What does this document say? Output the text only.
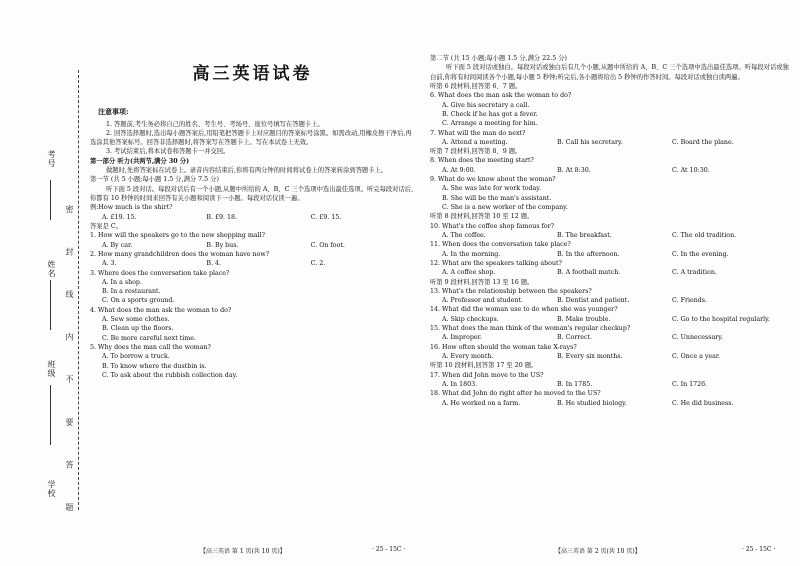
考号
姓名
班级
学校 密 封 线 内 不 要 答 题
高三英语试卷
注意事项:

1. 答题前,考生务必将自己的姓名、考生号、考场号、座位号填写在答题卡上。

2. 回答选择题时,选出每小题答案后,用铅笔把答题卡上对应题目的答案标号涂黑。如需改动,用橡皮擦干净后,再选涂其他答案标号。回答非选择题时,将答案写在答题卡上。写在本试卷上无效。

3. 考试结束后,将本试卷和答题卡一并交回。

第一部分 听力(共两节,满分 30 分)

做题时,先将答案标在试卷上。录音内容结束后,你将有两分钟的时间将试卷上的答案转涂到答题卡上。

第一节 (共 5 小题;每小题 1.5 分,满分 7.5 分)

听下面 5 段对话。每段对话后有一个小题,从题中所给的 A、B、C 三个选项中选出最佳选项。听完每段对话后,你都有 10 秒钟的时间来回答有关小题和阅读下一小题。每段对话仅读一遍。

例:How much is the shirt?

A. £19. 15.	B. £9. 18.	C. £9. 15.

答案是 C。

1. How will the speakers go to the new shopping mall?

A. By car.	B. By bus.	C. On foot.

2. How many grandchildren does the woman have now?

A. 3.	B. 4.	C. 2.

3. Where does the conversation take place?

A. In a shop.

B. In a restaurant.

C. On a sports ground.

4. What does the man ask the woman to do?

A. Sew some clothes.

B. Clean up the floors.

C. Be more careful next time.

5. Why does the man call the woman?

A. To borrow a truck.

B. To know where the dustbin is.

C. To ask about the rubbish collection day.

【高三英语 第 1 页(共 10 页)】	· 25 - 15C ·

第二节 (共 15 小题;每小题 1.5 分,满分 22.5 分)

听下面 5 段对话或独白。每段对话或独白后有几个小题,从题中所给的 A、B、C 三个选项中选出最佳选项。听每段对话或独白前,你将有时间阅读各个小题,每小题 5 秒钟;听完后,各小题将给出 5 秒钟的作答时间。每段对话或独白读两遍。

听第 6 段材料,回答第 6、7 题。

6. What does the man ask the woman to do?

A. Give his secretary a call.

B. Check if he has got a fever.

C. Arrange a meeting for him.

7. What will the man do next?

A. Attend a meeting.	B. Call his secretary.	C. Board the plane.

听第 7 段材料,回答第 8、9 题。

8. When does the meeting start?

A. At 9:00.	B. At 8:30.	C. At 10:30.

9. What do we know about the woman?

A. She was late for work today.

B. She will be the man's assistant.

C. She is a new worker of the company.

听第 8 段材料,回答第 10 至 12 题。

10. What's the coffee shop famous for?

A. The coffee.	B. The breakfast.	C. The old tradition.

11. When does the conversation take place?

A. In the morning.	B. In the afternoon.	C. In the evening.

12. What are the speakers talking about?

A. A coffee shop.	B. A football match.	C. A tradition.

听第 9 段材料,回答第 13 至 16 题。

13. What's the relationship between the speakers?

A. Professor and student.	B. Dentist and patient.	C. Friends.

14. What did the woman use to do when she was younger?

A. Skip checkups.	B. Make trouble.	C. Go to the hospital regularly.

15. What does the man think of the woman's regular checkup?

A. Improper.	B. Correct.	C. Unnecessary.

16. How often should the woman take X-rays?

A. Every month.	B. Every six months.	C. Once a year.

听第 10 段材料,回答第 17 至 20 题。

17. When did John move to the US?

A. In 1803.	B. In 1785.	C. In 1726.

18. What did John do right after he moved to the US?

A. He worked on a farm.	B. He studied biology.	C. He did business.
【高三英语 第 2 页(共 10 页)】	· 25 - 15C ·
